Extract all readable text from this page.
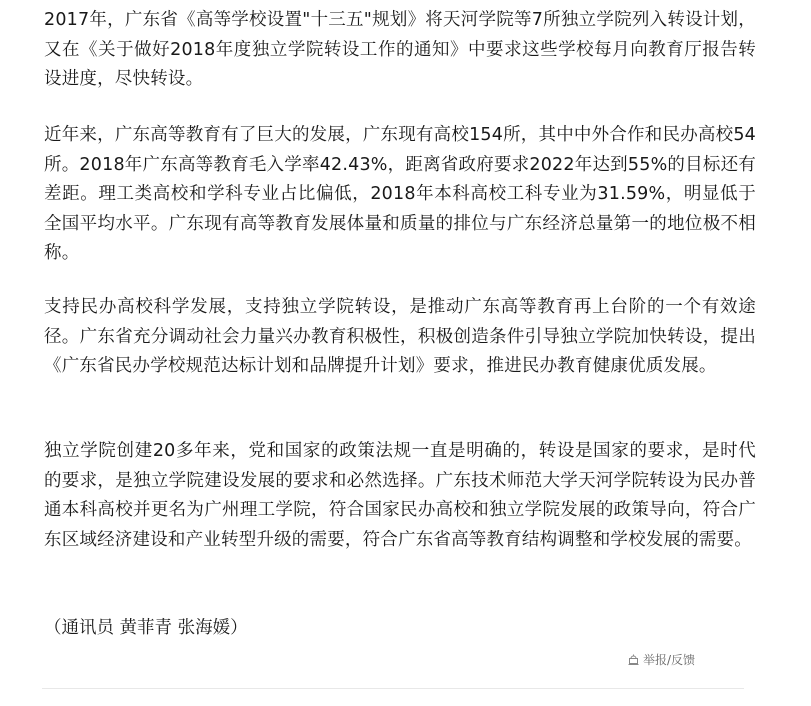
2017年，广东省《高等学校设置"十三五"规划》将天河学院等7所独立学院列入转设计划，又在《关于做好2018年度独立学院转设工作的通知》中要求这些学校每月向教育厅报告转设进度，尽快转设。

近年来，广东高等教育有了巨大的发展，广东现有高校154所，其中中外合作和民办高校54所。2018年广东高等教育毛入学率42.43%，距离省政府要求2022年达到55%的目标还有差距。理工类高校和学科专业占比偏低，2018年本科高校工科专业为31.59%，明显低于全国平均水平。广东现有高等教育发展体量和质量的排位与广东经济总量第一的地位极不相称。

支持民办高校科学发展，支持独立学院转设，是推动广东高等教育再上台阶的一个有效途径。广东省充分调动社会力量兴办教育积极性，积极创造条件引导独立学院加快转设，提出《广东省民办学校规范达标计划和品牌提升计划》要求，推进民办教育健康优质发展。

独立学院创建20多年来，党和国家的政策法规一直是明确的，转设是国家的要求，是时代的要求，是独立学院建设发展的要求和必然选择。广东技术师范大学天河学院转设为民办普通本科高校并更名为广州理工学院，符合国家民办高校和独立学院发展的政策导向，符合广东区域经济建设和产业转型升级的需要，符合广东省高等教育结构调整和学校发展的需要。

（通讯员 黄菲青 张海媛）

举报/反馈
